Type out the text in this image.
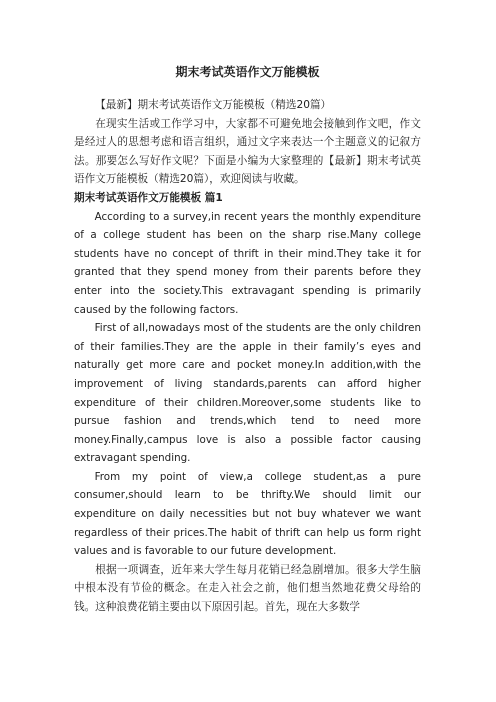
期末考试英语作文万能模板

【最新】期末考试英语作文万能模板（精选20篇）

在现实生活或工作学习中，大家都不可避免地会接触到作文吧，作文是经过人的思想考虑和语言组织，通过文字来表达一个主题意义的记叙方法。那要怎么写好作文呢？下面是小编为大家整理的【最新】期末考试英语作文万能模板（精选20篇），欢迎阅读与收藏。

期末考试英语作文万能模板 篇1

According to a survey,in recent years the monthly expenditure of a college student has been on the sharp rise.Many college students have no concept of thrift in their mind.They take it for granted that they spend money from their parents before they enter into the society.This extravagant spending is primarily caused by the following factors.

First of all,nowadays most of the students are the only children of their families.They are the apple in their family’s eyes and naturally get more care and pocket money.In addition,with the improvement of living standards,parents can afford higher expenditure of their children.Moreover,some students like to pursue fashion and trends,which tend to need more money.Finally,campus love is also a possible factor causing extravagant spending.

From my point of view,a college student,as a pure consumer,should learn to be thrifty.We should limit our expenditure on daily necessities but not buy whatever we want regardless of their prices.The habit of thrift can help us form right values and is favorable to our future development.

根据一项调查，近年来大学生每月花销已经急剧增加。很多大学生脑中根本没有节俭的概念。在走入社会之前，他们想当然地花费父母给的钱。这种浪费花销主要由以下原因引起。首先，现在大多数学
